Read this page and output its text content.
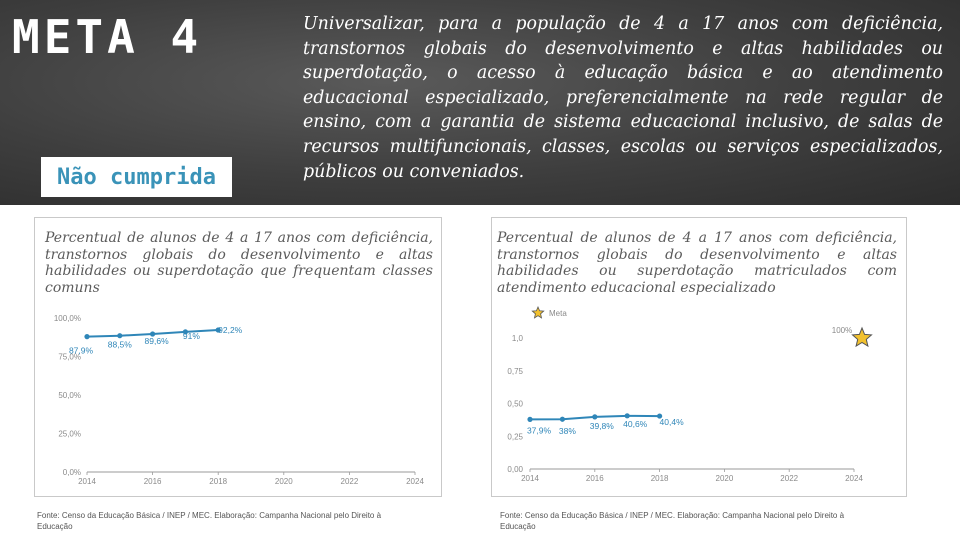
META 4
Não cumprida
Universalizar, para a população de 4 a 17 anos com deficiência, transtornos globais do desenvolvimento e altas habilidades ou superdotação, o acesso à educação básica e ao atendimento educacional especializado, preferencialmente na rede regular de ensino, com a garantia de sistema educacional inclusivo, de salas de recursos multifuncionais, classes, escolas ou serviços especializados, públicos ou conveniados.
Percentual de alunos de 4 a 17 anos com deficiência, transtornos globais do desenvolvimento e altas habilidades ou superdotação que frequentam classes comuns
0,0%
25,0%
50,0%
75,0%
100,0%
2014	2016	2018	2020	2022	2024
87,9%
88,5% 89,6%
91%
92,2%
Percentual de alunos de 4 a 17 anos com deficiência, transtornos globais do desenvolvimento e altas habilidades ou superdotação matriculados com atendimento educacional especializado
0,00
0,25
0,50
0,75
1,0
2014	2016	2018	2020	2022	2024
37,9% 38%
39,8% 40,6% 40,4%
Meta
100%
Fonte: Censo da Educação Básica / INEP / MEC. Elaboração: Campanha Nacional pelo Direito à Educação
Fonte: Censo da Educação Básica / INEP / MEC. Elaboração: Campanha Nacional pelo Direito à Educação
